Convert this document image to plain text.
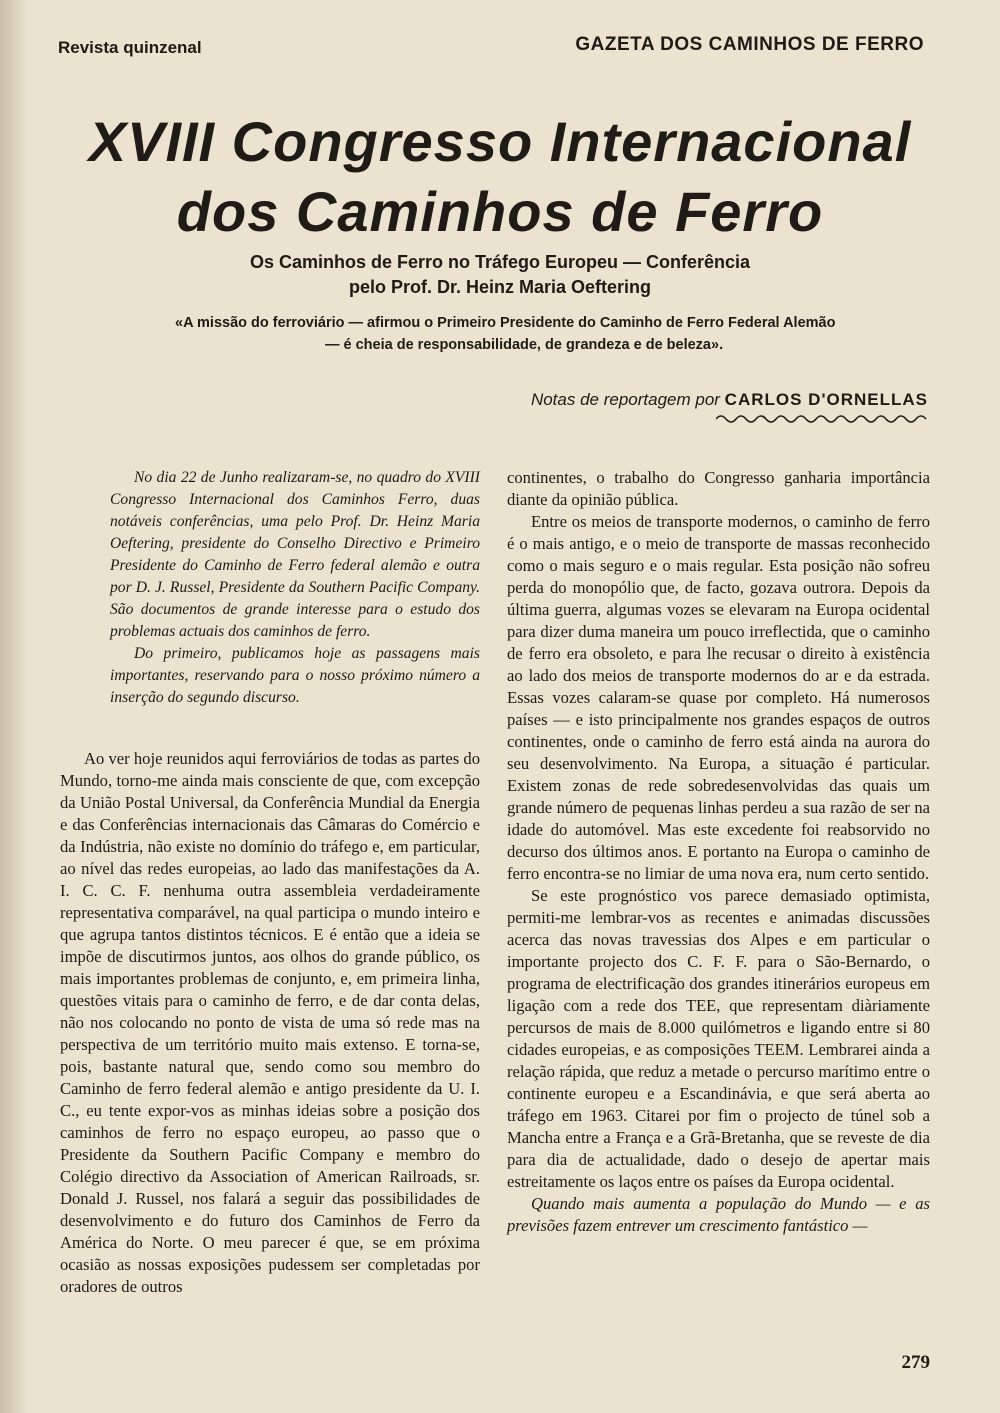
Revista quinzenal	GAZETA DOS CAMINHOS DE FERRO
XVIII Congresso Internacional
dos Caminhos de Ferro
Os Caminhos de Ferro no Tráfego Europeu — Conferência
pelo Prof. Dr. Heinz Maria Oeftering
«A missão do ferroviário — afirmou o Primeiro Presidente do Caminho de Ferro Federal Alemão
— é cheia de responsabilidade, de grandeza e de beleza».
Notas de reportagem por CARLOS D'ORNELLAS

No dia 22 de Junho realizaram-se, no quadro do XVIII Congresso Internacional dos Caminhos Ferro, duas notáveis conferências, uma pelo Prof. Dr. Heinz Maria Oeftering, presidente do Conselho Directivo e Primeiro Presidente do Caminho de Ferro federal alemão e outra por D. J. Russel, Presidente da Southern Pacific Company. São documentos de grande interesse para o estudo dos problemas actuais dos caminhos de ferro.

Do primeiro, publicamos hoje as passagens mais importantes, reservando para o nosso próximo número a inserção do segundo discurso.

Ao ver hoje reunidos aqui ferroviários de todas as partes do Mundo, torno-me ainda mais consciente de que, com excepção da União Postal Universal, da Conferência Mundial da Energia e das Conferências internacionais das Câmaras do Comércio e da Indústria, não existe no domínio do tráfego e, em particular, ao nível das redes europeias, ao lado das manifestações da A. I. C. C. F. nenhuma outra assembleia verdadeiramente representativa comparável, na qual participa o mundo inteiro e que agrupa tantos distintos técnicos. E é então que a ideia se impõe de discutirmos juntos, aos olhos do grande público, os mais importantes problemas de conjunto, e, em primeira linha, questões vitais para o caminho de ferro, e de dar conta delas, não nos colocando no ponto de vista de uma só rede mas na perspectiva de um território muito mais extenso. E torna-se, pois, bastante natural que, sendo como sou membro do Caminho de ferro federal alemão e antigo presidente da U. I. C., eu tente expor-vos as minhas ideias sobre a posição dos caminhos de ferro no espaço europeu, ao passo que o Presidente da Southern Pacific Company e membro do Colégio directivo da Association of American Railroads, sr. Donald J. Russel, nos falará a seguir das possibilidades de desenvolvimento e do futuro dos Caminhos de Ferro da América do Norte. O meu parecer é que, se em próxima ocasião as nossas exposições pudessem ser completadas por oradores de outros

continentes, o trabalho do Congresso ganharia importância diante da opinião pública.

Entre os meios de transporte modernos, o caminho de ferro é o mais antigo, e o meio de transporte de massas reconhecido como o mais seguro e o mais regular. Esta posição não sofreu perda do monopólio que, de facto, gozava outrora. Depois da última guerra, algumas vozes se elevaram na Europa ocidental para dizer duma maneira um pouco irreflectida, que o caminho de ferro era obsoleto, e para lhe recusar o direito à existência ao lado dos meios de transporte modernos do ar e da estrada. Essas vozes calaram-se quase por completo. Há numerosos países — e isto principalmente nos grandes espaços de outros continentes, onde o caminho de ferro está ainda na aurora do seu desenvolvimento. Na Europa, a situação é particular. Existem zonas de rede sobredesenvolvidas das quais um grande número de pequenas linhas perdeu a sua razão de ser na idade do automóvel. Mas este excedente foi reabsorvido no decurso dos últimos anos. E portanto na Europa o caminho de ferro encontra-se no limiar de uma nova era, num certo sentido.

Se este prognóstico vos parece demasiado optimista, permiti-me lembrar-vos as recentes e animadas discussões acerca das novas travessias dos Alpes e em particular o importante projecto dos C. F. F. para o São-Bernardo, o programa de electrificação dos grandes itinerários europeus em ligação com a rede dos TEE, que representam diàriamente percursos de mais de 8.000 quilómetros e ligando entre si 80 cidades europeias, e as composições TEEM. Lembrarei ainda a relação rápida, que reduz a metade o percurso marítimo entre o continente europeu e a Escandinávia, e que será aberta ao tráfego em 1963. Citarei por fim o projecto de túnel sob a Mancha entre a França e a Grã-Bretanha, que se reveste de dia para dia de actualidade, dado o desejo de apertar mais estreitamente os laços entre os países da Europa ocidental.

Quando mais aumenta a população do Mundo — e as previsões fazem entrever um crescimento fantástico —

279
